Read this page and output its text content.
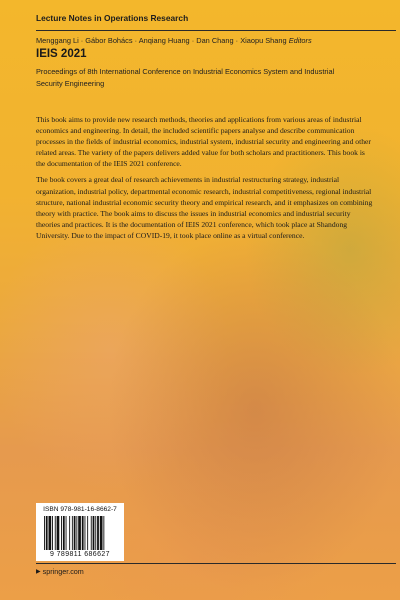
Lecture Notes in Operations Research
Menggang Li · Gábor Bohács · Anqiang Huang · Dan Chang · Xiaopu Shang Editors
IEIS 2021
Proceedings of 8th International Conference on Industrial Economics System and Industrial Security Engineering

This book aims to provide new research methods, theories and applications from various areas of industrial economics and engineering. In detail, the included scientific papers analyse and describe communication processes in the fields of industrial economics, industrial system, industrial security and engineering and other related areas. The variety of the papers delivers added value for both scholars and practitioners. This book is the documentation of the IEIS 2021 conference.

The book covers a great deal of research achievements in industrial restructuring strategy, industrial organization, industrial policy, departmental economic research, industrial competitiveness, regional industrial structure, national industrial economic security theory and empirical research, and it emphasizes on combining theory with practice. The book aims to discuss the issues in industrial economics and industrial security theories and practices. It is the documentation of IEIS 2021 conference, which took place at Shandong University. Due to the impact of COVID-19, it took place online as a virtual conference.

ISBN 978-981-16-8662-7
9 789811 686627
▶ springer.com
